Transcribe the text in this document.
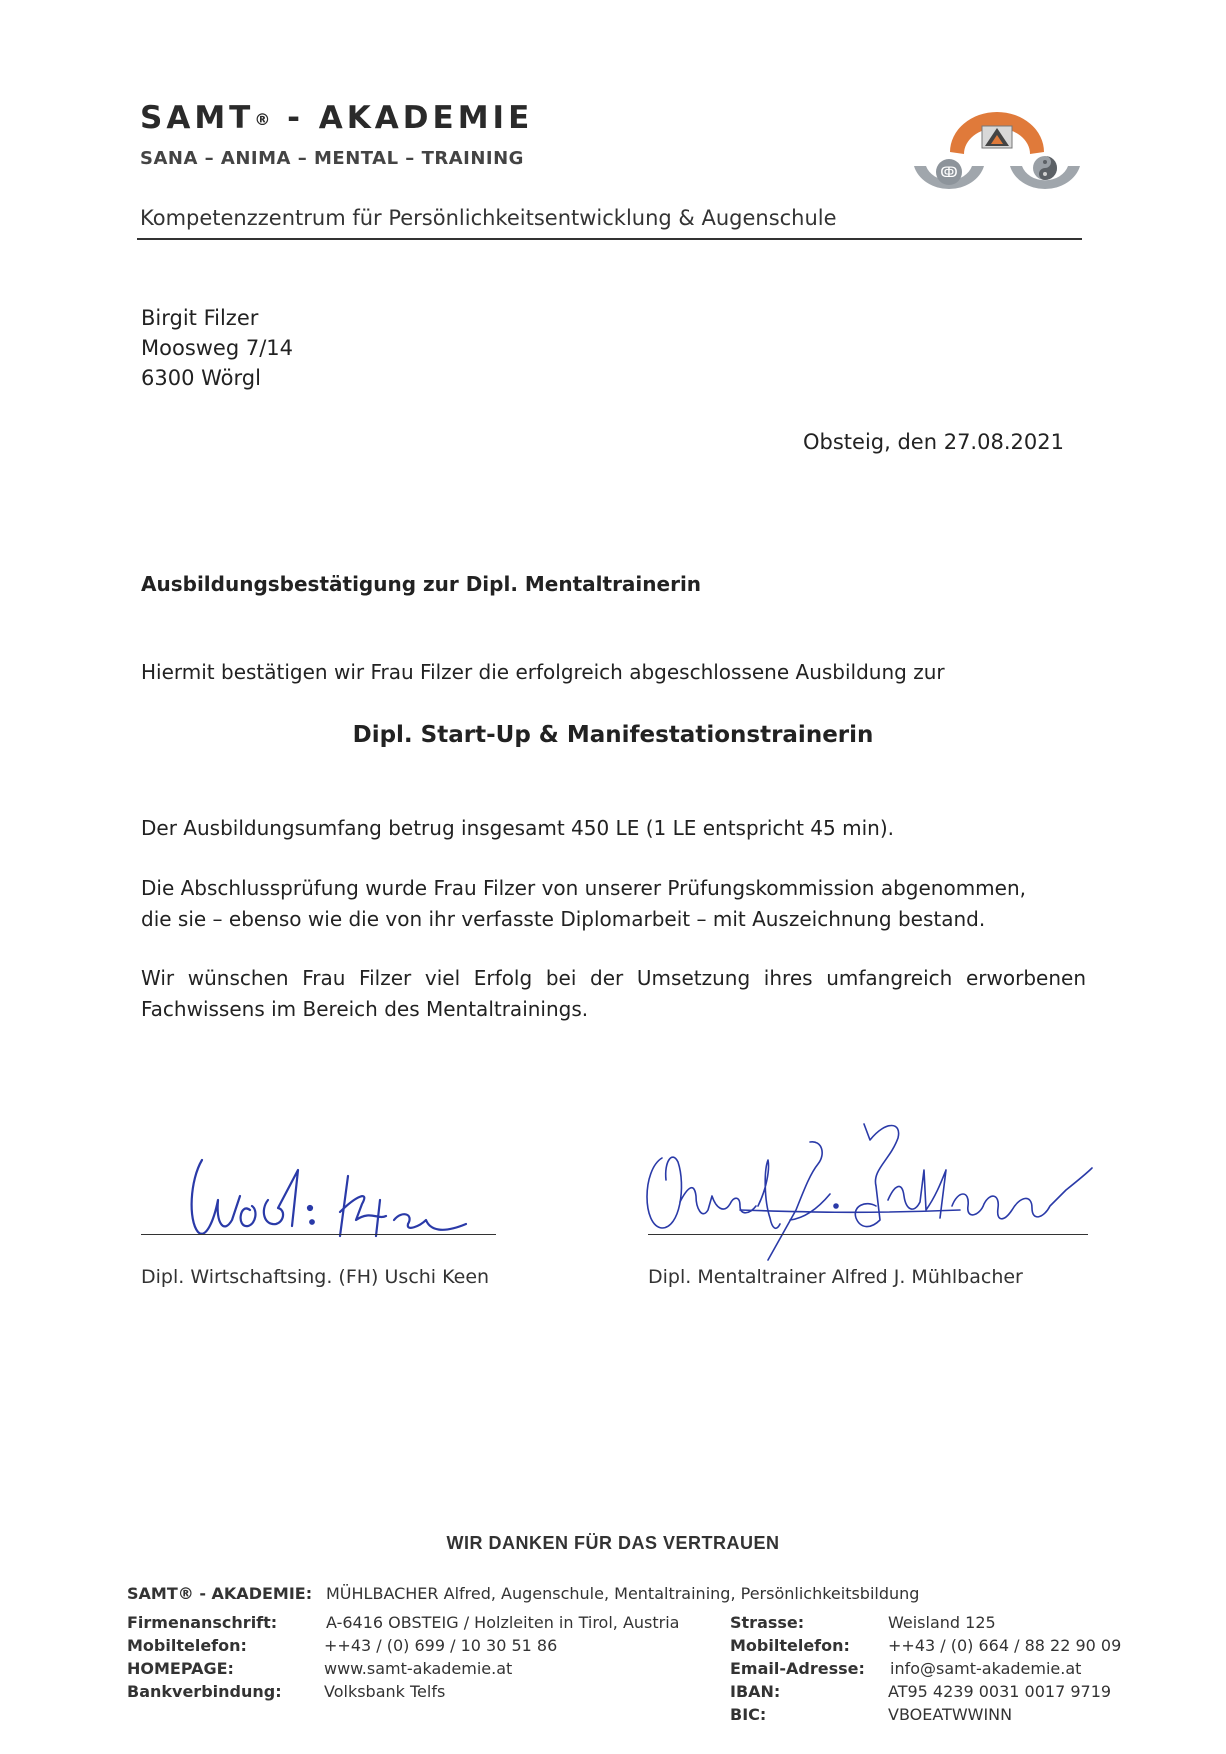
SAMT® - AKADEMIE
SANA – ANIMA – MENTAL – TRAINING
Kompetenzzentrum für Persönlichkeitsentwicklung & Augenschule
ↂ
Birgit Filzer
Moosweg 7/14
6300 Wörgl
Obsteig, den 27.08.2021
Ausbildungsbestätigung zur Dipl. Mentaltrainerin
Hiermit bestätigen wir Frau Filzer die erfolgreich abgeschlossene Ausbildung zur
Dipl. Start-Up & Manifestationstrainerin
Der Ausbildungsumfang betrug insgesamt 450 LE (1 LE entspricht 45 min).
Die Abschlussprüfung wurde Frau Filzer von unserer Prüfungskommission abgenommen,
die sie – ebenso wie die von ihr verfasste Diplomarbeit – mit Auszeichnung bestand.
Wir wünschen Frau Filzer viel Erfolg bei der Umsetzung ihres umfangreich erworbenen
Fachwissens im Bereich des Mentaltrainings.
Dipl. Wirtschaftsing. (FH) Uschi Keen	Dipl. Mentaltrainer Alfred J. Mühlbacher
WIR DANKEN FÜR DAS VERTRAUEN
SAMT® - AKADEMIE: MÜHLBACHER Alfred, Augenschule, Mentaltraining, Persönlichkeitsbildung
Firmenanschrift:	A-6416 OBSTEIG / Holzleiten in Tirol, Austria
Mobiltelefon:	++43 / (0) 699 / 10 30 51 86
HOMEPAGE:	www.samt-akademie.at
Bankverbindung:	Volksbank Telfs
Strasse:	Weisland 125
Mobiltelefon: ++43 / (0) 664 / 88 22 90 09
Email-Adresse: info@samt-akademie.at
IBAN:	AT95 4239 0031 0017 9719
BIC:	VBOEATWWINN
